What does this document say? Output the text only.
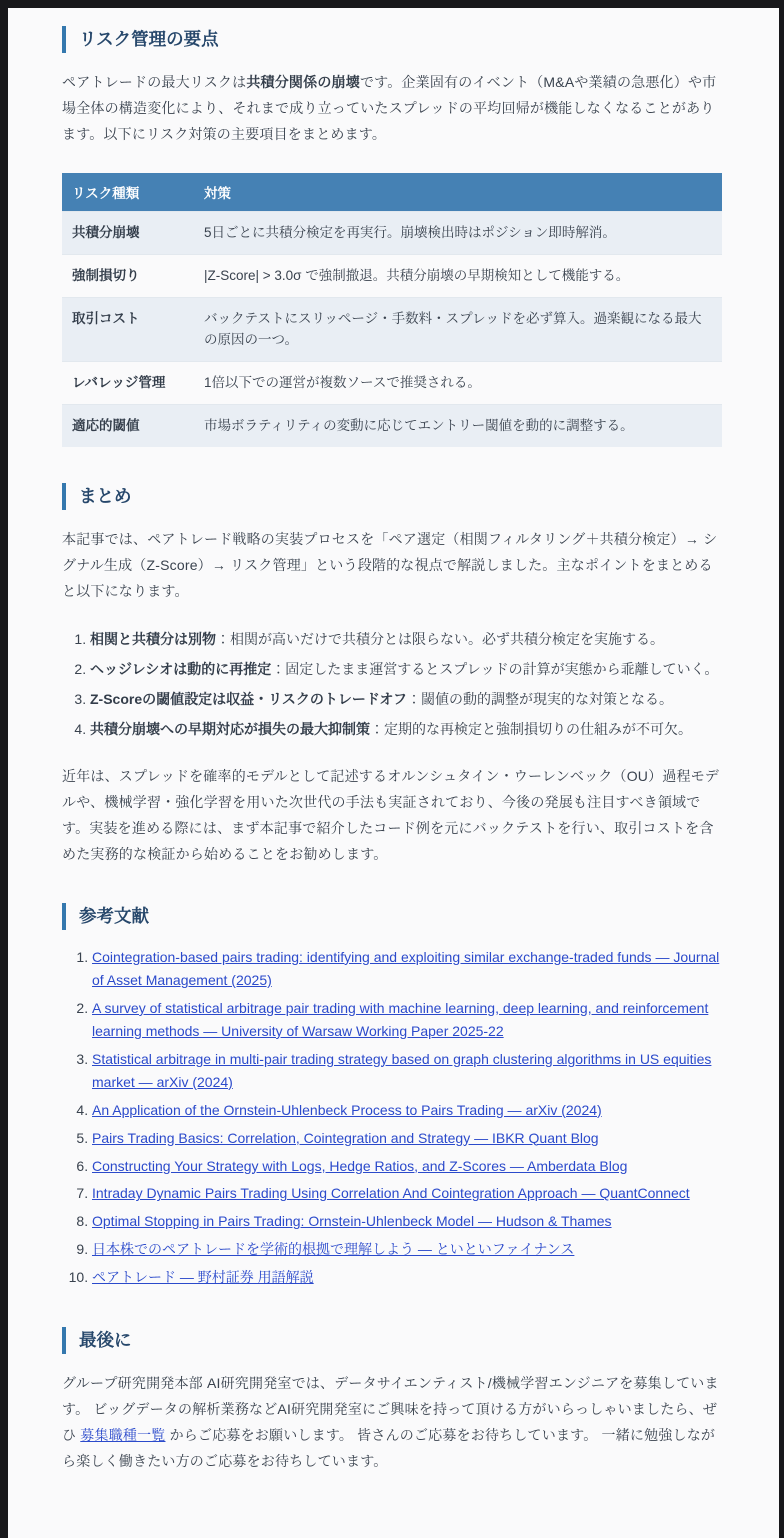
リスク管理の要点

ペアトレードの最大リスクは共積分関係の崩壊です。企業固有のイベント（M&Aや業績の急悪化）や市場全体の構造変化により、それまで成り立っていたスプレッドの平均回帰が機能しなくなることがあります。以下にリスク対策の主要項目をまとめます。

リスク種類	対策
共積分崩壊	5日ごとに共積分検定を再実行。崩壊検出時はポジション即時解消。
強制損切り	|Z-Score| > 3.0σ で強制撤退。共積分崩壊の早期検知として機能する。
取引コスト	バックテストにスリッページ・手数料・スプレッドを必ず算入。過楽観になる最大の原因の一つ。
レバレッジ管理	1倍以下での運営が複数ソースで推奨される。
適応的閾値	市場ボラティリティの変動に応じてエントリー閾値を動的に調整する。
まとめ

本記事では、ペアトレード戦略の実装プロセスを「ペア選定（相関フィルタリング＋共積分検定）→ シグナル生成（Z-Score）→ リスク管理」という段階的な視点で解説しました。主なポイントをまとめると以下になります。

1. 相関と共積分は別物：相関が高いだけで共積分とは限らない。必ず共積分検定を実施する。
2. ヘッジレシオは動的に再推定：固定したまま運営するとスプレッドの計算が実態から乖離していく。
3. Z-Scoreの閾値設定は収益・リスクのトレードオフ：閾値の動的調整が現実的な対策となる。
4. 共積分崩壊への早期対応が損失の最大抑制策：定期的な再検定と強制損切りの仕組みが不可欠。

近年は、スプレッドを確率的モデルとして記述するオルンシュタイン・ウーレンベック（OU）過程モデルや、機械学習・強化学習を用いた次世代の手法も実証されており、今後の発展も注目すべき領域です。実装を進める際には、まず本記事で紹介したコード例を元にバックテストを行い、取引コストを含めた実務的な検証から始めることをお勧めします。

参考文献
1. Cointegration-based pairs trading: identifying and exploiting similar exchange-traded funds — Journal of Asset Management (2025)
2. A survey of statistical arbitrage pair trading with machine learning, deep learning, and reinforcement learning methods — University of Warsaw Working Paper 2025-22
3. Statistical arbitrage in multi-pair trading strategy based on graph clustering algorithms in US equities market — arXiv (2024)
4. An Application of the Ornstein-Uhlenbeck Process to Pairs Trading — arXiv (2024)
5. Pairs Trading Basics: Correlation, Cointegration and Strategy — IBKR Quant Blog
6. Constructing Your Strategy with Logs, Hedge Ratios, and Z-Scores — Amberdata Blog
7. Intraday Dynamic Pairs Trading Using Correlation And Cointegration Approach — QuantConnect
8. Optimal Stopping in Pairs Trading: Ornstein-Uhlenbeck Model — Hudson & Thames
9. 日本株でのペアトレードを学術的根拠で理解しよう — といといファイナンス
10. ペアトレード — 野村証券 用語解説
最後に

グループ研究開発本部 AI研究開発室では、データサイエンティスト/機械学習エンジニアを募集しています。 ビッグデータの解析業務などAI研究開発室にご興味を持って頂ける方がいらっしゃいましたら、ぜひ 募集職種一覧 からご応募をお願いします。 皆さんのご応募をお待ちしています。 一緒に勉強しながら楽しく働きたい方のご応募をお待ちしています。
